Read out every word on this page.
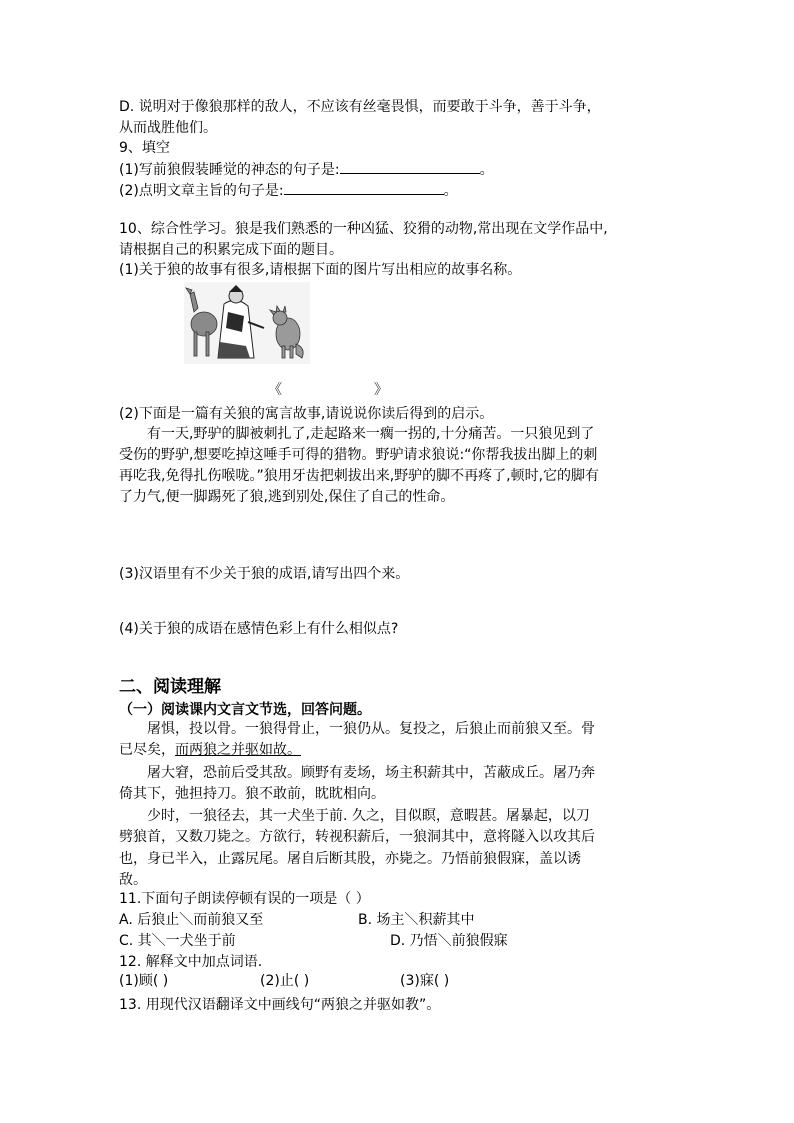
D. 说明对于像狼那样的敌人，不应该有丝毫畏惧，而要敢于斗争，善于斗争，
从而战胜他们。
9、填空
(1)写前狼假装睡觉的神态的句子是:	。
(2)点明文章主旨的句子是:	。
10、综合性学习。狼是我们熟悉的一种凶猛、狡猾的动物,常出现在文学作品中,
请根据自己的积累完成下面的题目。
(1)关于狼的故事有很多,请根据下面的图片写出相应的故事名称。
《	》
(2)下面是一篇有关狼的寓言故事,请说说你读后得到的启示。
有一天,野驴的脚被刺扎了,走起路来一瘸一拐的,十分痛苦。一只狼见到了
受伤的野驴,想要吃掉这唾手可得的猎物。野驴请求狼说:“你帮我拔出脚上的刺
再吃我,免得扎伤喉咙。”狼用牙齿把刺拔出来,野驴的脚不再疼了,顿时,它的脚有
了力气,便一脚踢死了狼,逃到别处,保住了自己的性命。
(3)汉语里有不少关于狼的成语,请写出四个来。
(4)关于狼的成语在感情色彩上有什么相似点?
二、阅读理解
（一）阅读课内文言文节选，回答问题。
屠惧，投以骨。一狼得骨止，一狼仍从。复投之，后狼止而前狼又至。骨
已尽矣，而两狼之并驱如故。
屠大窘，恐前后受其敌。顾野有麦场，场主积薪其中，苫蔽成丘。屠乃奔
倚其下，弛担持刀。狼不敢前，眈眈相向。
少时，一狼径去，其一犬坐于前. 久之，目似瞑，意暇甚。屠暴起，以刀
劈狼首，又数刀毙之。方欲行，转视积薪后，一狼洞其中，意将隧入以攻其后
也，身已半入，止露尻尾。屠自后断其股，亦毙之。乃悟前狼假寐，盖以诱
敌。
11.下面句子朗读停顿有误的一项是（ ）
A. 后狼止＼而前狼又至	B. 场主＼积薪其中
C. 其＼一犬坐于前	D. 乃悟＼前狼假寐
12. 解释文中加点词语.
(1)顾( )	(2)止( )	(3)寐( )
13. 用现代汉语翻译文中画线句“两狼之并驱如教”。
